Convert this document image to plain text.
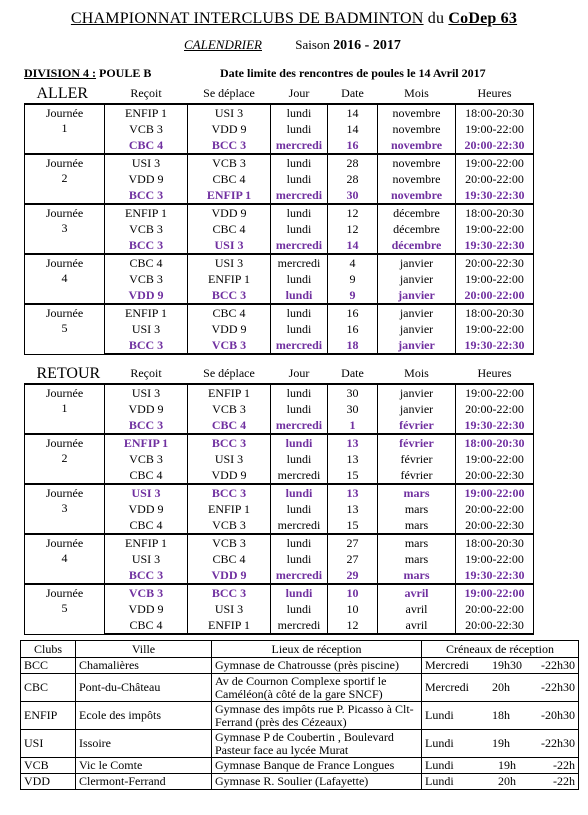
CHAMPIONNAT INTERCLUBS DE BADMINTON du CoDep 63
CALENDRIER	Saison 2016 - 2017
DIVISION 4 : POULE B	Date limite des rencontres de poules le 14 Avril 2017
ALLER	Reçoit	Se déplace	Jour	Date	Mois	Heures

Journée
1	ENFIP 1	USI 3	lundi	14	novembre	18:00-20:30
	VCB 3	VDD 9	lundi	14	novembre	19:00-22:00
	CBC 4	BCC 3	mercredi	16	novembre	20:00-22:30

Journée
2	USI 3	VCB 3	lundi	28	novembre	19:00-22:00
	VDD 9	CBC 4	lundi	28	novembre	20:00-22:00
	BCC 3	ENFIP 1	mercredi	30	novembre	19:30-22:30

Journée
3	ENFIP 1	VDD 9	lundi	12	décembre	18:00-20:30
	VCB 3	CBC 4	lundi	12	décembre	19:00-22:00
	BCC 3	USI 3	mercredi	14	décembre	19:30-22:30

Journée
4	CBC 4	USI 3	mercredi	4	janvier	20:00-22:30
	VCB 3	ENFIP 1	lundi	9	janvier	19:00-22:00
	VDD 9	BCC 3	lundi	9	janvier	20:00-22:00

Journée
5	ENFIP 1	CBC 4	lundi	16	janvier	18:00-20:30
	USI 3	VDD 9	lundi	16	janvier	19:00-22:00
	BCC 3	VCB 3	mercredi	18	janvier	19:30-22:30
RETOUR	Reçoit	Se déplace	Jour	Date	Mois	Heures

Journée
1	USI 3	ENFIP 1	lundi	30	janvier	19:00-22:00
	VDD 9	VCB 3	lundi	30	janvier	20:00-22:00
	BCC 3	CBC 4	mercredi	1	février	19:30-22:30

Journée
2	ENFIP 1	BCC 3	lundi	13	février	18:00-20:30
	VCB 3	USI 3	lundi	13	février	19:00-22:00
	CBC 4	VDD 9	mercredi	15	février	20:00-22:30

Journée
3	USI 3	BCC 3	lundi	13	mars	19:00-22:00
	VDD 9	ENFIP 1	lundi	13	mars	20:00-22:00
	CBC 4	VCB 3	mercredi	15	mars	20:00-22:30

Journée
4	ENFIP 1	VCB 3	lundi	27	mars	18:00-20:30
	USI 3	CBC 4	lundi	27	mars	19:00-22:00
	BCC 3	VDD 9	mercredi	29	mars	19:30-22:30

Journée
5	VCB 3	BCC 3	lundi	10	avril	19:00-22:00
	VDD 9	USI 3	lundi	10	avril	20:00-22:00
	CBC 4	ENFIP 1	mercredi	12	avril	20:00-22:30
Clubs	Ville	Lieux de réception	Créneaux de réception
BCC	Chamalières	Gymnase de Chatrousse (près piscine)	Mercredi 19h30 -22h30

CBC	Pont-du-Château	Av de Cournon Complexe sportif le Caméléon(à côté de la gare SNCF)	Mercredi 20h -22h30

ENFIP	Ecole des impôts	Gymnase des impôts rue P. Picasso à Clt-Ferrand (près des Cézeaux)	Lundi 18h -20h30

USI	Issoire	Gymnase P de Coubertin , Boulevard Pasteur face au lycée Murat	Lundi 19h -22h30

VCB	Vic le Comte	Gymnase Banque de France Longues	Lundi 19h -22h

VDD	Clermont-Ferrand	Gymnase R. Soulier (Lafayette)	Lundi 20h -22h
